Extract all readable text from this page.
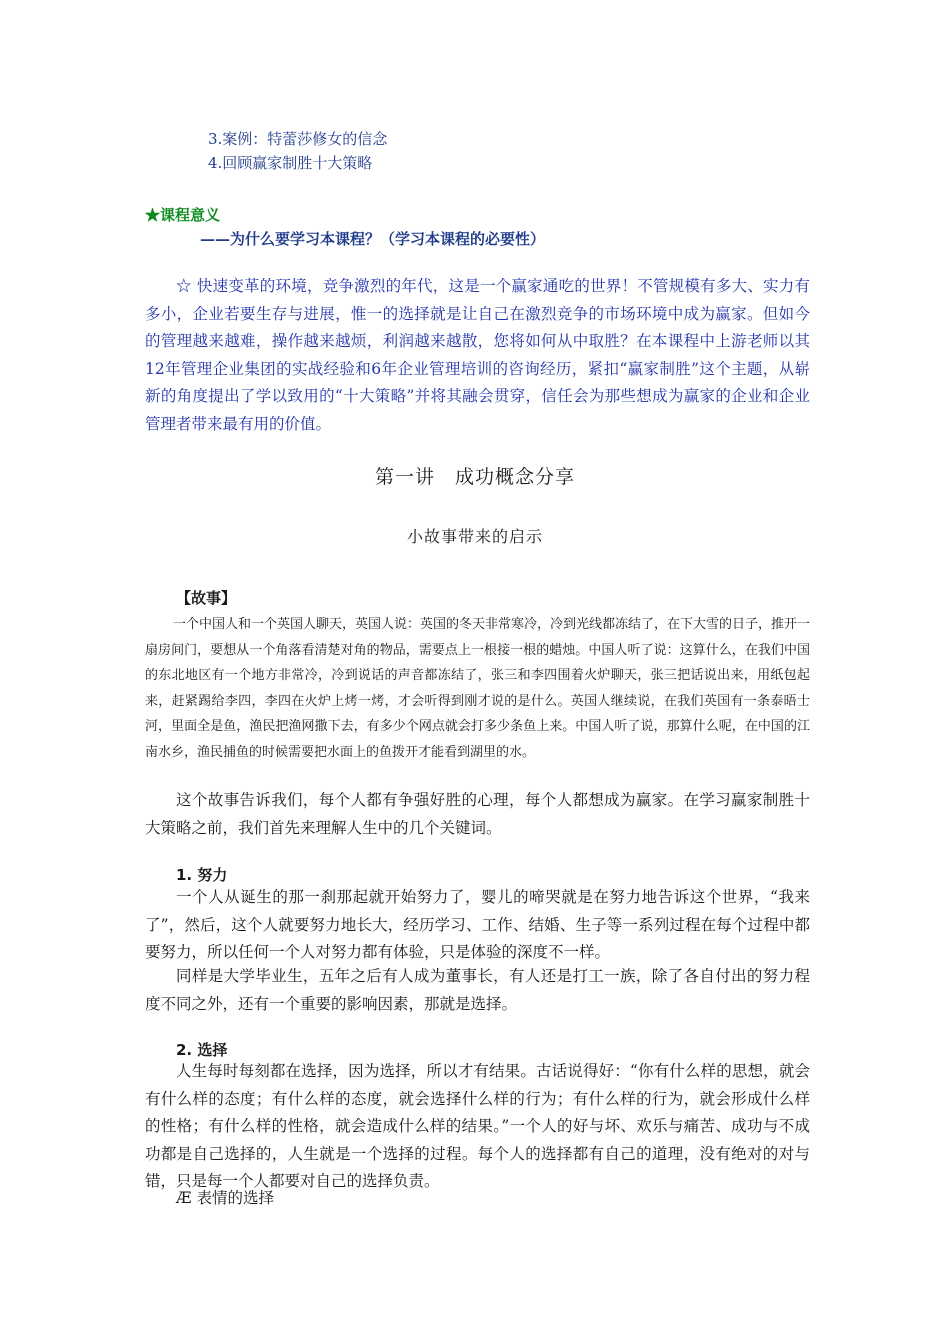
3.案例：特蕾莎修女的信念
4.回顾赢家制胜十大策略
★课程意义
——为什么要学习本课程？（学习本课程的必要性）
☆ 快速变革的环境，竞争激烈的年代，这是一个赢家通吃的世界！不管规模有多大、实力有多小，企业若要生存与进展，惟一的选择就是让自己在激烈竞争的市场环境中成为赢家。但如今的管理越来越难，操作越来越烦，利润越来越散，您将如何从中取胜？在本课程中上游老师以其12年管理企业集团的实战经验和6年企业管理培训的咨询经历，紧扣“赢家制胜”这个主题，从崭新的角度提出了学以致用的“十大策略”并将其融会贯穿，信任会为那些想成为赢家的企业和企业管理者带来最有用的价值。
第一讲　成功概念分享
小故事带来的启示
【故事】
一个中国人和一个英国人聊天，英国人说：英国的冬天非常寒冷，冷到光线都冻结了，在下大雪的日子，推开一扇房间门，要想从一个角落看清楚对角的物品，需要点上一根接一根的蜡烛。中国人听了说：这算什么，在我们中国的东北地区有一个地方非常冷，冷到说话的声音都冻结了，张三和李四围着火炉聊天，张三把话说出来，用纸包起来，赶紧踢给李四，李四在火炉上烤一烤，才会听得到刚才说的是什么。英国人继续说，在我们英国有一条泰晤士河，里面全是鱼，渔民把渔网撒下去，有多少个网点就会打多少条鱼上来。中国人听了说，那算什么呢，在中国的江南水乡，渔民捕鱼的时候需要把水面上的鱼拨开才能看到湖里的水。
这个故事告诉我们，每个人都有争强好胜的心理，每个人都想成为赢家。在学习赢家制胜十大策略之前，我们首先来理解人生中的几个关键词。
1. 努力
一个人从诞生的那一刹那起就开始努力了，婴儿的啼哭就是在努力地告诉这个世界，“我来了”，然后，这个人就要努力地长大，经历学习、工作、结婚、生子等一系列过程在每个过程中都要努力，所以任何一个人对努力都有体验，只是体验的深度不一样。
同样是大学毕业生，五年之后有人成为董事长，有人还是打工一族，除了各自付出的努力程度不同之外，还有一个重要的影响因素，那就是选择。
2. 选择
人生每时每刻都在选择，因为选择，所以才有结果。古话说得好：“你有什么样的思想，就会有什么样的态度；有什么样的态度，就会选择什么样的行为；有什么样的行为，就会形成什么样的性格；有什么样的性格，就会造成什么样的结果。”一个人的好与坏、欢乐与痛苦、成功与不成功都是自己选择的，人生就是一个选择的过程。每个人的选择都有自己的道理，没有绝对的对与错，只是每一个人都要对自己的选择负责。
Æ 表情的选择
